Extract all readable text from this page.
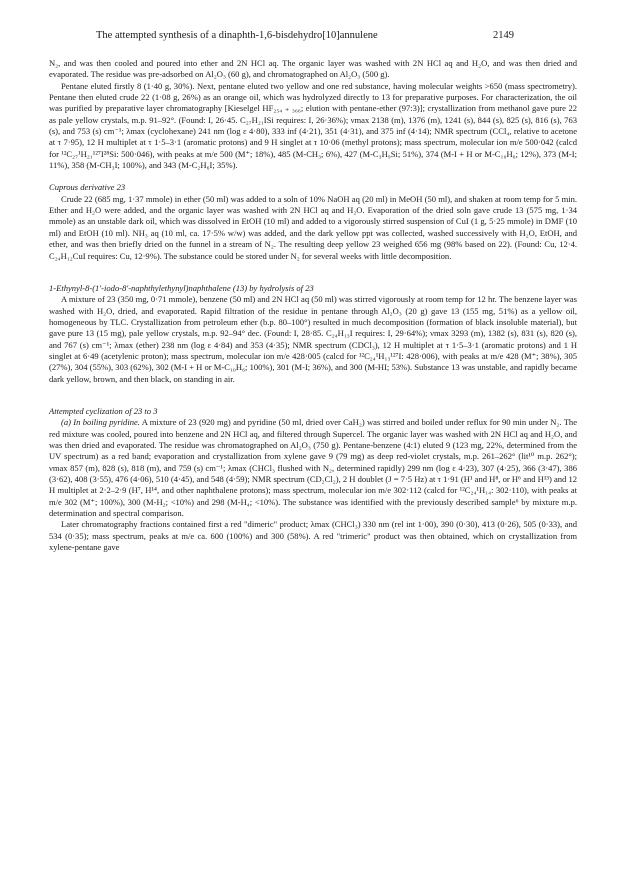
The attempted synthesis of a dinaphth-1,6-bisdehydro[10]annulene	2149

N₂, and was then cooled and poured into ether and 2N HCl aq. The organic layer was washed with 2N HCl aq and H₂O, and was then dried and evaporated. The residue was pre-adsorbed on Al₂O₃ (60 g), and chromatographed on Al₂O₃ (500 g).

Pentane eluted firstly 8 (1·40 g, 30%). Next, pentane eluted two yellow and one red substance, having molecular weights >650 (mass spectrometry). Pentane then eluted crude 22 (1·08 g, 26%) as an orange oil, which was hydrolyzed directly to 13 for preparative purposes. For characterization, the oil was purified by preparative layer chromatography [Kieselgel HF₂₅₄ ₊ ₃₆₆; elution with pentane-ether (97:3)]; crystallization from methanol gave pure 22 as pale yellow crystals, m.p. 91–92°. (Found: I, 26·45. C₂₇H₂₁ISi requires: I, 26·36%); νmax 2138 (m), 1376 (m), 1241 (s), 844 (s), 825 (s), 816 (s), 763 (s), and 753 (s) cm⁻¹; λmax (cyclohexane) 241 nm (log ε 4·80), 333 inf (4·21), 351 (4·31), and 375 inf (4·14); NMR spectrum (CCl₄, relative to acetone at τ 7·95), 12 H multiplet at τ 1·5–3·1 (aromatic protons) and 9 H singlet at τ 10·06 (methyl protons); mass spectrum, molecular ion m/e 500·042 (calcd for ¹²C₂₇¹H₂₁¹²⁷I²⁸Si: 500·046), with peaks at m/e 500 (M⁺; 18%), 485 (M-CH₃; 6%), 427 (M-C₃H₉Si; 51%), 374 (M-I + H or M-C₁₀H₆; 12%), 373 (M-I; 11%), 358 (M-CH₃I; 100%), and 343 (M-C₂H₆I; 35%).

Cuprous derivative 23

Crude 22 (685 mg, 1·37 mmole) in ether (50 ml) was added to a soln of 10% NaOH aq (20 ml) in MeOH (50 ml), and shaken at room temp for 5 min. Ether and H₂O were added, and the organic layer was washed with 2N HCl aq and H₂O. Evaporation of the dried soln gave crude 13 (575 mg, 1·34 mmole) as an unstable dark oil, which was dissolved in EtOH (10 ml) and added to a vigorously stirred suspension of CuI (1 g, 5·25 mmole) in DMF (10 ml) and EtOH (10 ml). NH₃ aq (10 ml, ca. 17·5% w/w) was added, and the dark yellow ppt was collected, washed successively with H₂O, EtOH, and ether, and was then briefly dried on the funnel in a stream of N₂. The resulting deep yellow 23 weighed 656 mg (98% based on 22). (Found: Cu, 12·4. C₂₄H₁₂CuI requires: Cu, 12·9%). The substance could be stored under N₂ for several weeks with little decomposition.

1-Ethynyl-8-(1′-iodo-8′-naphthylethynyl)naphthalene (13) by hydrolysis of 23

A mixture of 23 (350 mg, 0·71 mmole), benzene (50 ml) and 2N HCl aq (50 ml) was stirred vigorously at room temp for 12 hr. The benzene layer was washed with H₂O, dried, and evaporated. Rapid filtration of the residue in pentane through Al₂O₃ (20 g) gave 13 (155 mg, 51%) as a yellow oil, homogeneous by TLC. Crystallization from petroleum ether (b.p. 80–100°) resulted in much decomposition (formation of black insoluble material), but gave pure 13 (15 mg), pale yellow crystals, m.p. 92–94° dec. (Found: I, 28·85. C₂₄H₁₃I requires: I, 29·64%); νmax 3293 (m), 1382 (s), 831 (s), 820 (s), and 767 (s) cm⁻¹; λmax (ether) 238 nm (log ε 4·84) and 353 (4·35); NMR spectrum (CDCl₃), 12 H multiplet at τ 1·5–3·1 (aromatic protons) and 1 H singlet at 6·49 (acetylenic proton); mass spectrum, molecular ion m/e 428·005 (calcd for ¹²C₂₄¹H₁₃¹²⁷I: 428·006), with peaks at m/e 428 (M⁺; 38%), 305 (27%), 304 (55%), 303 (62%), 302 (M-I + H or M-C₁₀H₆; 100%), 301 (M-I; 36%), and 300 (M-HI; 53%). Substance 13 was unstable, and rapidly became dark yellow, brown, and then black, on standing in air.

Attempted cyclization of 23 to 3

(a) In boiling pyridine. A mixture of 23 (920 mg) and pyridine (50 ml, dried over CaH₂) was stirred and boiled under reflux for 90 min under N₂. The red mixture was cooled, poured into benzene and 2N HCl aq, and filtered through Supercel. The organic layer was washed with 2N HCl aq and H₂O, and was then dried and evaporated. The residue was chromatographed on Al₂O₃ (750 g). Pentane-benzene (4:1) eluted 9 (123 mg, 22%, determined from the UV spectrum) as a red band; evaporation and crystallization from xylene gave 9 (79 mg) as deep red-violet crystals, m.p. 261–262° (lit¹⁰ m.p. 262°); νmax 857 (m), 828 (s), 818 (m), and 759 (s) cm⁻¹; λmax (CHCl₃ flushed with N₂, determined rapidly) 299 nm (log ε 4·23), 307 (4·25), 366 (3·47), 386 (3·62), 408 (3·55), 476 (4·06), 510 (4·45), and 548 (4·59); NMR spectrum (CD₂Cl₂), 2 H doublet (J = 7·5 Hz) at τ 1·91 (H¹ and H⁸, or H⁶ and H¹³) and 12 H multiplet at 2·2–2·9 (H⁷, H¹⁴, and other naphthalene protons); mass spectrum, molecular ion m/e 302·112 (calcd for ¹²C₂₄¹H₁₄: 302·110), with peaks at m/e 302 (M⁺; 100%), 300 (M-H₂; <10%) and 298 (M-H₄; <10%). The substance was identified with the previously described sample⁶ by mixture m.p. determination and spectral comparison.

Later chromatography fractions contained first a red "dimeric" product; λmax (CHCl₃) 330 nm (rel int 1·00), 390 (0·30), 413 (0·26), 505 (0·33), and 534 (0·35); mass spectrum, peaks at m/e ca. 600 (100%) and 300 (58%). A red "trimeric" product was then obtained, which on crystallization from xylene-pentane gave
